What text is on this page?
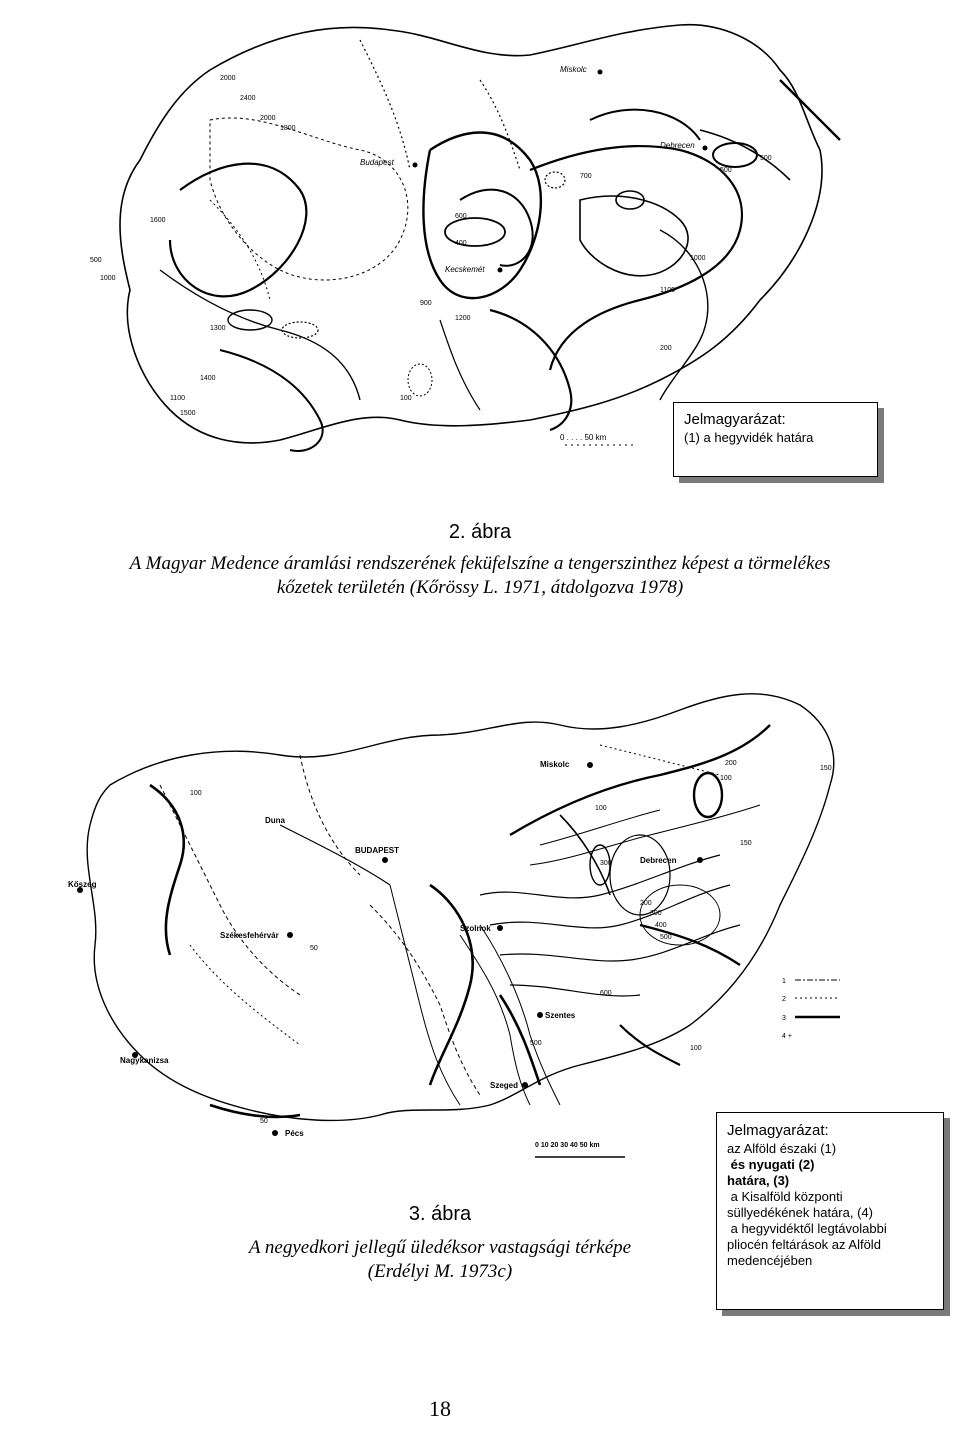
Miskolc
Budapest
Debrecen
Kecskemét
2000
2400
2000
1800
500
1000
1600
1300
1100
1500
1400
1200
900
600
700
400
100
500
1000
200
1100
500
0 . . . . 50 km
Jelmagyarázat:
(1) a hegyvidék határa
2. ábra
A Magyar Medence áramlási rendszerének feküfelszíne a tengerszinthez képest a törmelékes
kőzetek területén (Kőrössy L. 1971, átdolgozva 1978)
Miskolc
Duna
BUDAPEST
Debrecen
Szolnok
Szentes
Szeged
Pécs
Székesfehérvár
Kőszeg
Nagykanizsa
200
100
150
100
50
100
200
300
400
500
600
300
150
50
100
500
1
2
3
4 +
0 10 20 30 40 50 km
Jelmagyarázat:
az Alföld északi (1)
és nyugati (2)
határa, (3)
a Kisalföld központi
süllyedékének határa, (4)
a hegyvidéktől legtávolabbi
pliocén feltárások az Alföld
medencéjében
3. ábra
A negyedkori jellegű üledéksor vastagsági térképe
(Erdélyi M. 1973c)
18
